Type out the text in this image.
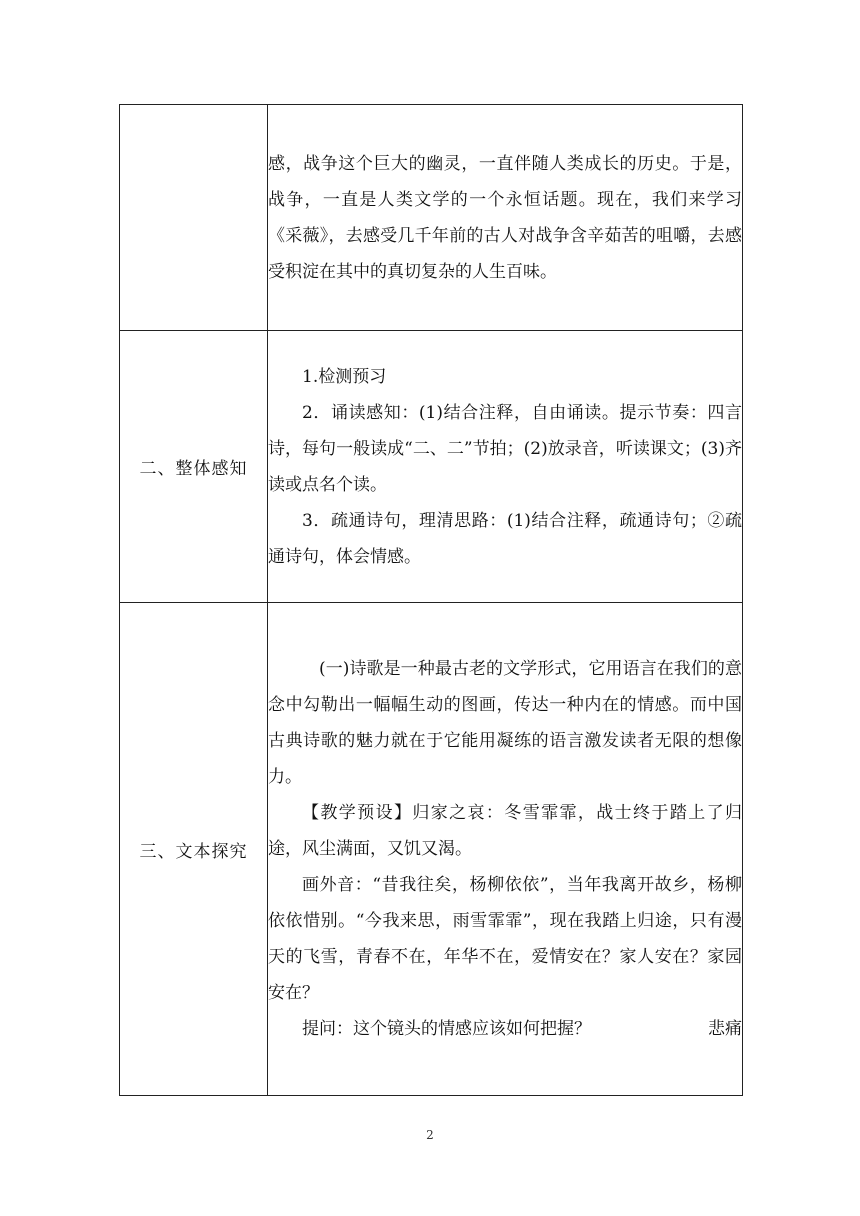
	感，战争这个巨大的幽灵，一直伴随人类成长的历史。于是，战争，一直是人类文学的一个永恒话题。现在，我们来学习《采薇》，去感受几千年前的古人对战争含辛茹苦的咀嚼，去感受积淀在其中的真切复杂的人生百味。

二、整体感知	1.检测预习

2．诵读感知：(1)结合注释，自由诵读。提示节奏：四言诗，每句一般读成“二、二”节拍；(2)放录音，听读课文；(3)齐读或点名个读。

3．疏通诗句，理清思路：(1)结合注释，疏通诗句；②疏通诗句，体会情感。

三、文本探究	(一)诗歌是一种最古老的文学形式，它用语言在我们的意念中勾勒出一幅幅生动的图画，传达一种内在的情感。而中国古典诗歌的魅力就在于它能用凝练的语言激发读者无限的想像力。

【教学预设】归家之哀：冬雪霏霏，战士终于踏上了归途，风尘满面，又饥又渴。

画外音：“昔我往矣，杨柳依依”，当年我离开故乡，杨柳依依惜别。“今我来思，雨雪霏霏”，现在我踏上归途，只有漫天的飞雪，青春不在，年华不在，爱情安在？家人安在？家园安在？

提问：这个镜头的情感应该如何把握？ 悲痛

2
